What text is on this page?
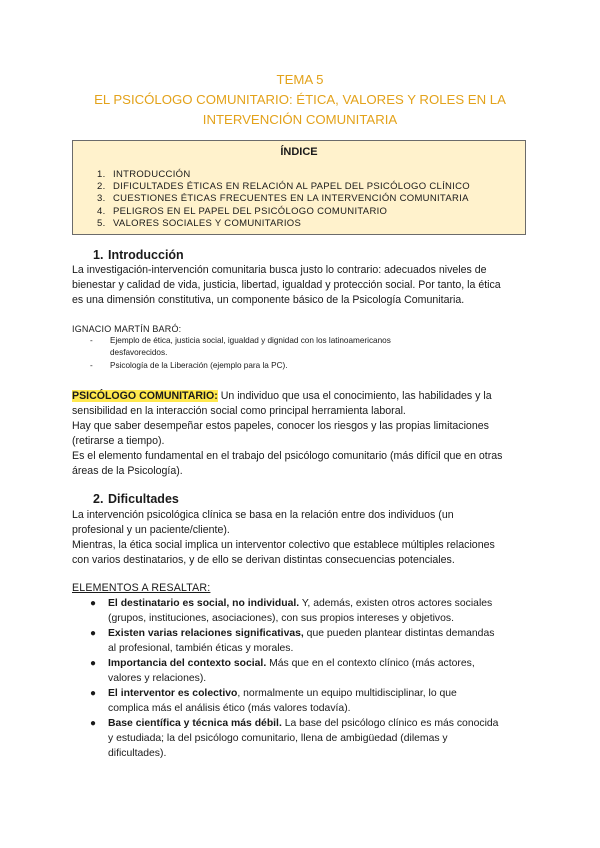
TEMA 5
EL PSICÓLOGO COMUNITARIO: ÉTICA, VALORES Y ROLES EN LA
INTERVENCIÓN COMUNITARIA
ÍNDICE
1. INTRODUCCIÓN
2. DIFICULTADES ÉTICAS EN RELACIÓN AL PAPEL DEL PSICÓLOGO CLÍNICO
3. CUESTIONES ÉTICAS FRECUENTES EN LA INTERVENCIÓN COMUNITARIA
4. PELIGROS EN EL PAPEL DEL PSICÓLOGO COMUNITARIO
5. VALORES SOCIALES Y COMUNITARIOS
1. Introducción
La investigación-intervención comunitaria busca justo lo contrario: adecuados niveles de
bienestar y calidad de vida, justicia, libertad, igualdad y protección social. Por tanto, la ética
es una dimensión constitutiva, un componente básico de la Psicología Comunitaria.
IGNACIO MARTÍN BARÓ:
- Ejemplo de ética, justicia social, igualdad y dignidad con los latinoamericanos
desfavorecidos.
- Psicología de la Liberación (ejemplo para la PC).
PSICÓLOGO COMUNITARIO: Un individuo que usa el conocimiento, las habilidades y la
sensibilidad en la interacción social como principal herramienta laboral.
Hay que saber desempeñar estos papeles, conocer los riesgos y las propias limitaciones
(retirarse a tiempo).
Es el elemento fundamental en el trabajo del psicólogo comunitario (más difícil que en otras
áreas de la Psicología).
2. Dificultades
La intervención psicológica clínica se basa en la relación entre dos individuos (un
profesional y un paciente/cliente).
Mientras, la ética social implica un interventor colectivo que establece múltiples relaciones
con varios destinatarios, y de ello se derivan distintas consecuencias potenciales.
ELEMENTOS A RESALTAR:
● El destinatario es social, no individual. Y, además, existen otros actores sociales
(grupos, instituciones, asociaciones), con sus propios intereses y objetivos.
● Existen varias relaciones significativas, que pueden plantear distintas demandas
al profesional, también éticas y morales.
● Importancia del contexto social. Más que en el contexto clínico (más actores,
valores y relaciones).
● El interventor es colectivo, normalmente un equipo multidisciplinar, lo que
complica más el análisis ético (más valores todavía).
● Base científica y técnica más débil. La base del psicólogo clínico es más conocida
y estudiada; la del psicólogo comunitario, llena de ambigüedad (dilemas y
dificultades).
